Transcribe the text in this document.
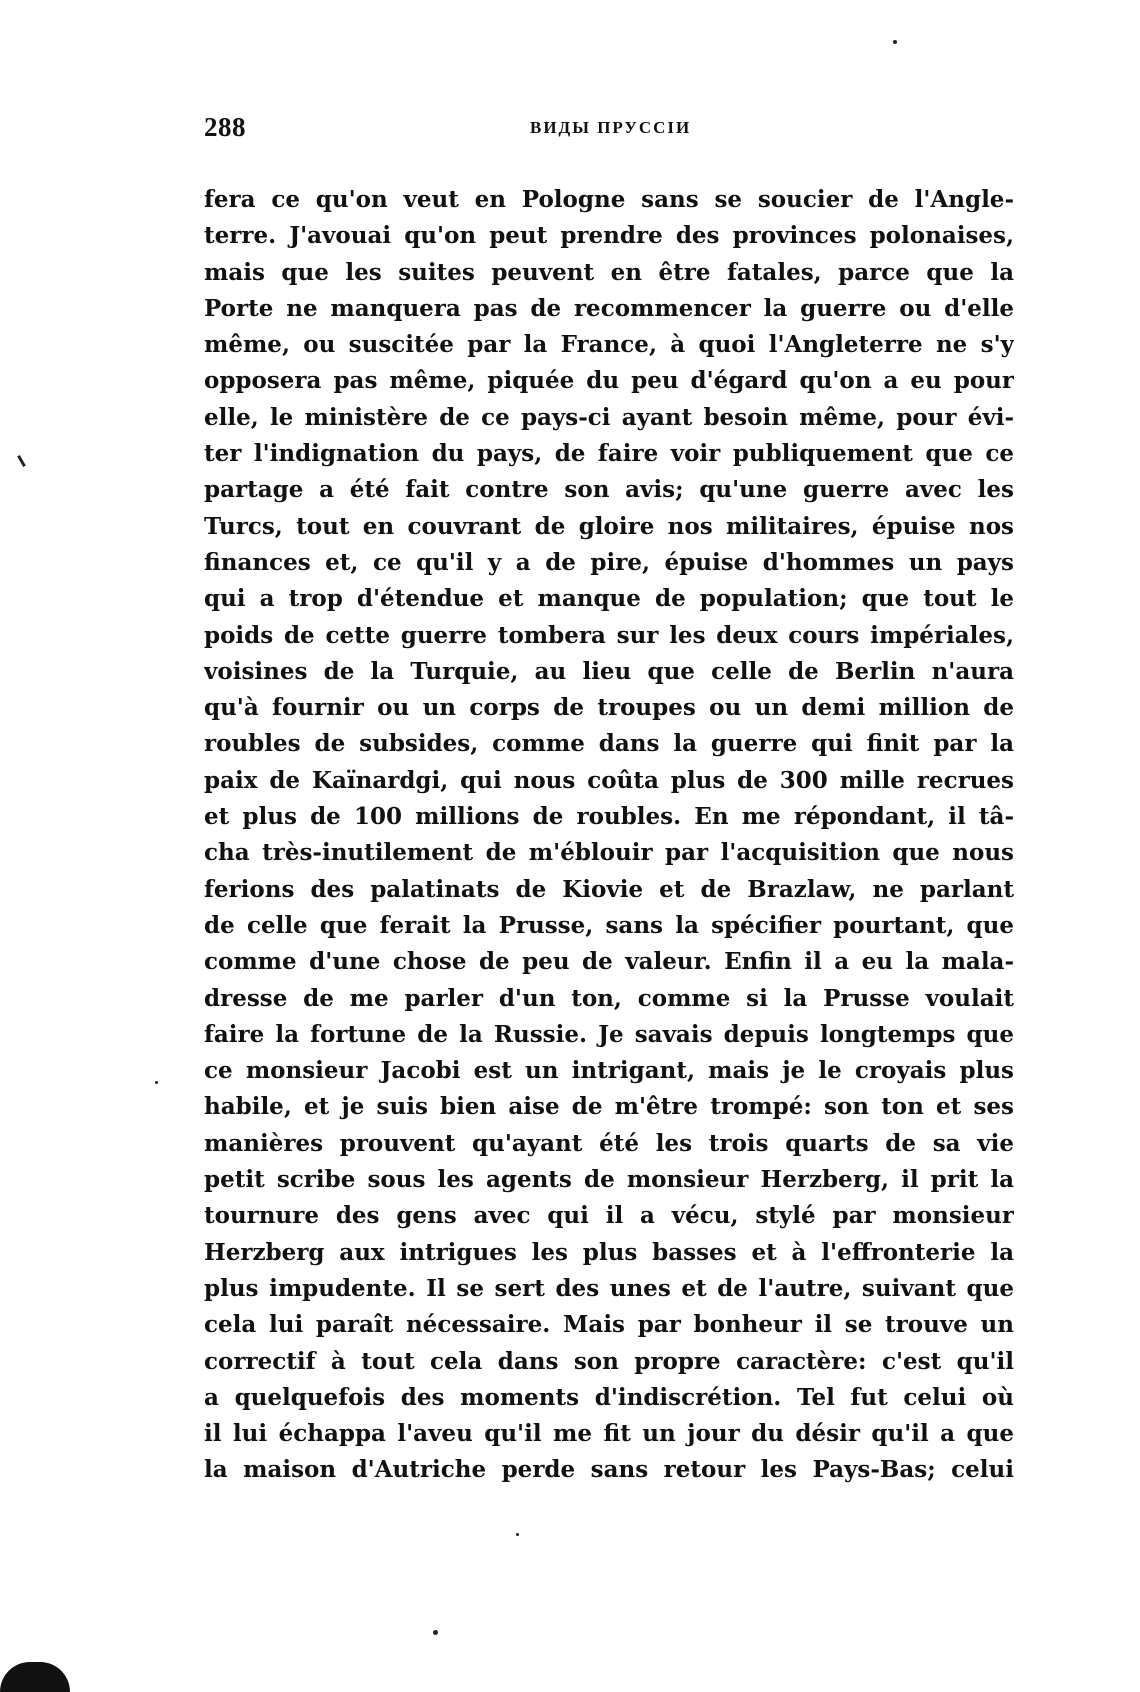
288	ВИДЫ ПРУССІИ
fera ce qu'on veut en Pologne sans se soucier de l'Angle-
terre. J'avouai qu'on peut prendre des provinces polonaises,
mais que les suites peuvent en être fatales, parce que la
Porte ne manquera pas de recommencer la guerre ou d'elle
même, ou suscitée par la France, à quoi l'Angleterre ne s'y
opposera pas même, piquée du peu d'égard qu'on a eu pour
elle, le ministère de ce pays-ci ayant besoin même, pour évi-
ter l'indignation du pays, de faire voir publiquement que ce
partage a été fait contre son avis; qu'une guerre avec les
Turcs, tout en couvrant de gloire nos militaires, épuise nos
finances et, ce qu'il y a de pire, épuise d'hommes un pays
qui a trop d'étendue et manque de population; que tout le
poids de cette guerre tombera sur les deux cours impériales,
voisines de la Turquie, au lieu que celle de Berlin n'aura
qu'à fournir ou un corps de troupes ou un demi million de
roubles de subsides, comme dans la guerre qui finit par la
paix de Kaïnardgi, qui nous coûta plus de 300 mille recrues
et plus de 100 millions de roubles. En me répondant, il tâ-
cha très-inutilement de m'éblouir par l'acquisition que nous
ferions des palatinats de Kiovie et de Brazlaw, ne parlant
de celle que ferait la Prusse, sans la spécifier pourtant, que
comme d'une chose de peu de valeur. Enfin il a eu la mala-
dresse de me parler d'un ton, comme si la Prusse voulait
faire la fortune de la Russie. Je savais depuis longtemps que
ce monsieur Jacobi est un intrigant, mais je le croyais plus
habile, et je suis bien aise de m'être trompé: son ton et ses
manières prouvent qu'ayant été les trois quarts de sa vie
petit scribe sous les agents de monsieur Herzberg, il prit la
tournure des gens avec qui il a vécu, stylé par monsieur
Herzberg aux intrigues les plus basses et à l'effronterie la
plus impudente. Il se sert des unes et de l'autre, suivant que
cela lui paraît nécessaire. Mais par bonheur il se trouve un
correctif à tout cela dans son propre caractère: c'est qu'il
a quelquefois des moments d'indiscrétion. Tel fut celui où
il lui échappa l'aveu qu'il me fit un jour du désir qu'il a que
la maison d'Autriche perde sans retour les Pays-Bas; celui
